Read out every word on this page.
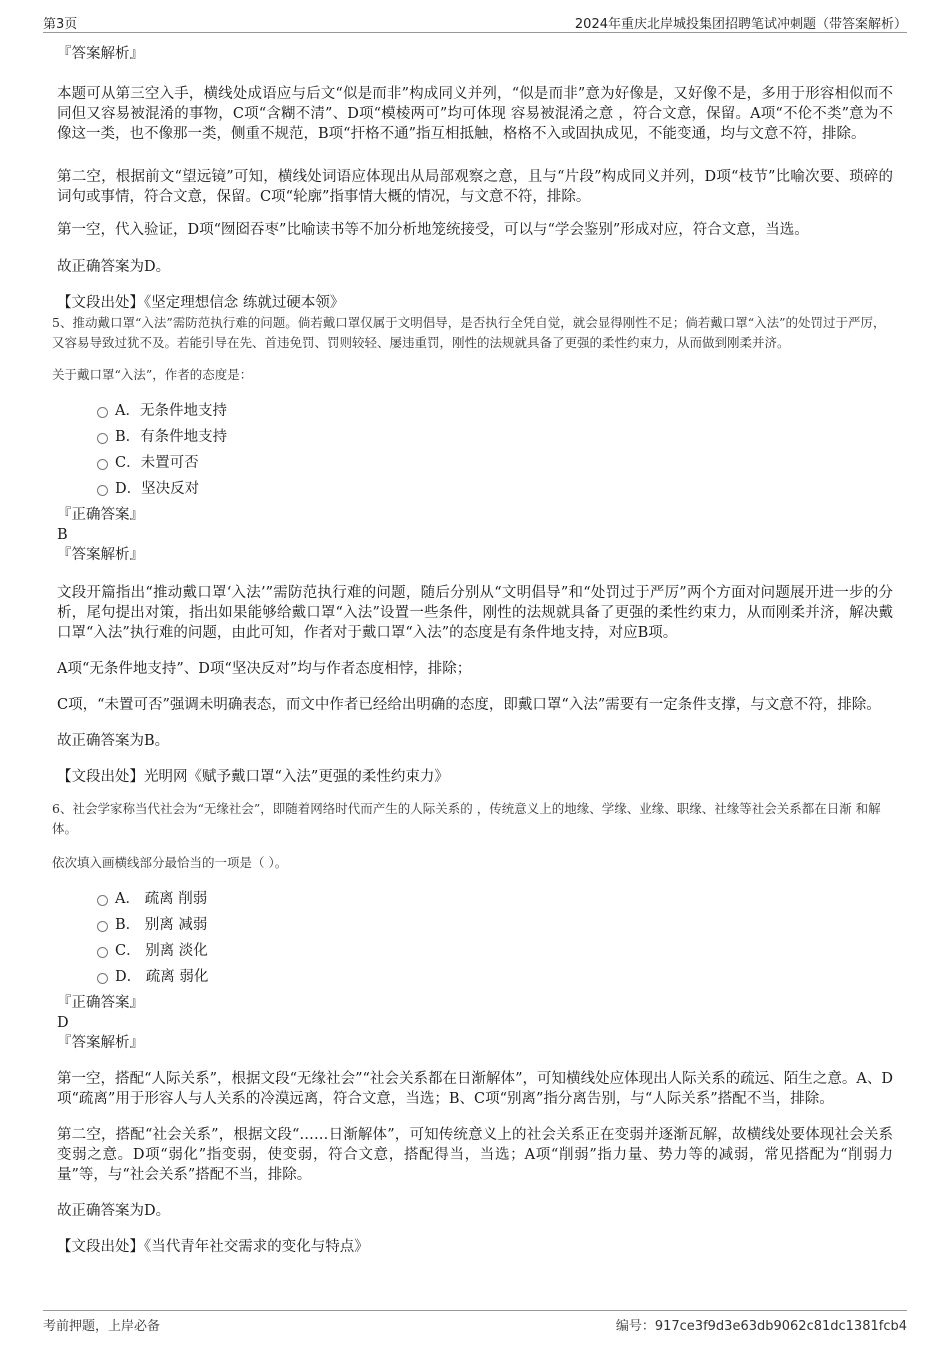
第3页	2024年重庆北岸城投集团招聘笔试冲刺题（带答案解析）

『答案解析』

本题可从第三空入手，横线处成语应与后文“似是而非”构成同义并列，“似是而非”意为好像是，又好像不是，多用于形容相似而不同但又容易被混淆的事物，C项“含糊不清”、D项“模棱两可”均可体现 容易被混淆之意 ，符合文意，保留。A项“不伦不类”意为不像这一类，也不像那一类，侧重不规范，B项“扞格不通”指互相抵触，格格不入或固执成见，不能变通，均与文意不符，排除。

第二空，根据前文“望远镜”可知，横线处词语应体现出从局部观察之意，且与“片段”构成同义并列，D项“枝节”比喻次要、琐碎的词句或事情，符合文意，保留。C项“轮廓”指事情大概的情况，与文意不符，排除。

第一空，代入验证，D项“囫囵吞枣”比喻读书等不加分析地笼统接受，可以与“学会鉴别”形成对应，符合文意，当选。

故正确答案为D。

【文段出处】《坚定理想信念 练就过硬本领》

5、推动戴口罩“入法”需防范执行难的问题。倘若戴口罩仅属于文明倡导，是否执行全凭自觉，就会显得刚性不足；倘若戴口罩“入法”的处罚过于严厉，又容易导致过犹不及。若能引导在先、首违免罚、罚则较轻、屡违重罚，刚性的法规就具备了更强的柔性约束力，从而做到刚柔并济。

关于戴口罩“入法”，作者的态度是：

A．无条件地支持
B．有条件地支持
C．未置可否
D．坚决反对

『正确答案』

B

『答案解析』

文段开篇指出“推动戴口罩‘入法’”需防范执行难的问题，随后分别从“文明倡导”和“处罚过于严厉”两个方面对问题展开进一步的分析，尾句提出对策，指出如果能够给戴口罩“入法”设置一些条件，刚性的法规就具备了更强的柔性约束力，从而刚柔并济，解决戴口罩“入法”执行难的问题，由此可知，作者对于戴口罩“入法”的态度是有条件地支持，对应B项。

A项“无条件地支持”、D项“坚决反对”均与作者态度相悖，排除；

C项，“未置可否”强调未明确表态，而文中作者已经给出明确的态度，即戴口罩“入法”需要有一定条件支撑，与文意不符，排除。

故正确答案为B。

【文段出处】光明网《赋予戴口罩“入法”更强的柔性约束力》

6、社会学家称当代社会为“无缘社会”，即随着网络时代而产生的人际关系的 ，传统意义上的地缘、学缘、业缘、职缘、社缘等社会关系都在日渐 和解体。

依次填入画横线部分最恰当的一项是（ ）。

A． 疏离 削弱
B． 别离 减弱
C． 别离 淡化
D． 疏离 弱化

『正确答案』

D

『答案解析』

第一空，搭配“人际关系”，根据文段“无缘社会”“社会关系都在日渐解体”，可知横线处应体现出人际关系的疏远、陌生之意。A、D项“疏离”用于形容人与人关系的冷漠远离，符合文意，当选；B、C项“别离”指分离告别，与“人际关系”搭配不当，排除。

第二空，搭配“社会关系”，根据文段“……日渐解体”，可知传统意义上的社会关系正在变弱并逐渐瓦解，故横线处要体现社会关系变弱之意。D项“弱化”指变弱，使变弱，符合文意，搭配得当，当选；A项“削弱”指力量、势力等的减弱，常见搭配为“削弱力量”等，与“社会关系”搭配不当，排除。

故正确答案为D。

【文段出处】《当代青年社交需求的变化与特点》

考前押题，上岸必备	编号：917ce3f9d3e63db9062c81dc1381fcb4
